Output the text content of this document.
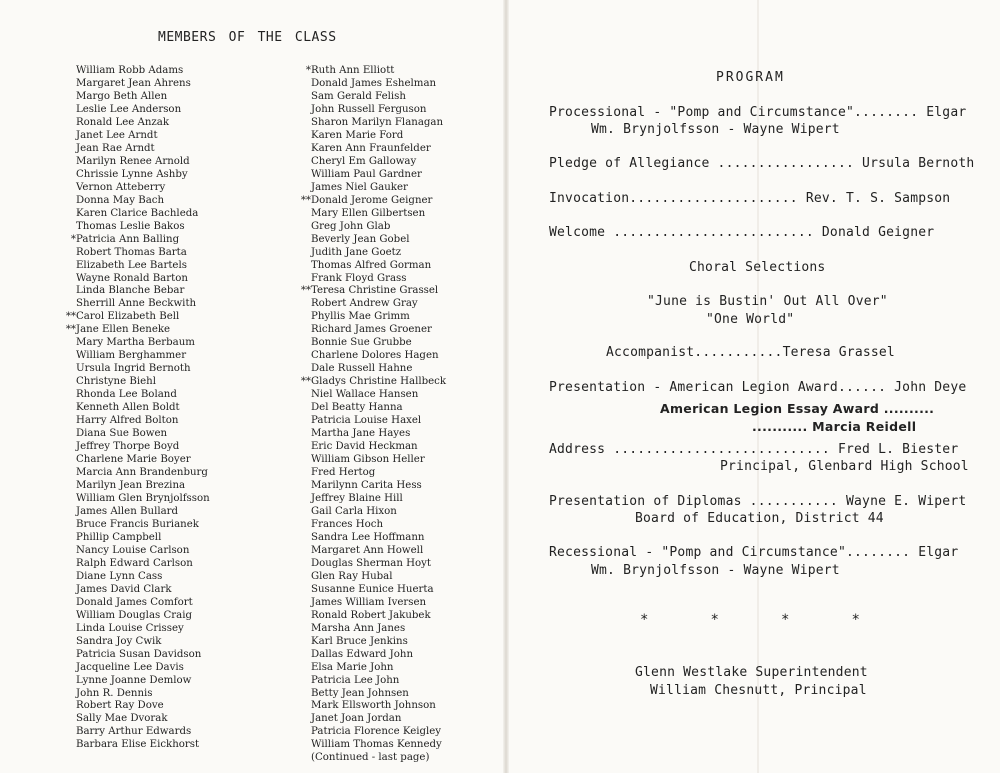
MEMBERS OF THE CLASS
William Robb Adams
Margaret Jean Ahrens
Margo Beth Allen
Leslie Lee Anderson
Ronald Lee Anzak
Janet Lee Arndt
Jean Rae Arndt
Marilyn Renee Arnold
Chrissie Lynne Ashby
Vernon Atteberry
Donna May Bach
Karen Clarice Bachleda
Thomas Leslie Bakos
* Patricia Ann Balling
Robert Thomas Barta
Elizabeth Lee Bartels
Wayne Ronald Barton
Linda Blanche Bebar
Sherrill Anne Beckwith
** Carol Elizabeth Bell
** Jane Ellen Beneke
Mary Martha Berbaum
William Berghammer
Ursula Ingrid Bernoth
Christyne Biehl
Rhonda Lee Boland
Kenneth Allen Boldt
Harry Alfred Bolton
Diana Sue Bowen
Jeffrey Thorpe Boyd
Charlene Marie Boyer
Marcia Ann Brandenburg
Marilyn Jean Brezina
William Glen Brynjolfsson
James Allen Bullard
Bruce Francis Burianek
Phillip Campbell
Nancy Louise Carlson
Ralph Edward Carlson
Diane Lynn Cass
James David Clark
Donald James Comfort
William Douglas Craig
Linda Louise Crissey
Sandra Joy Cwik
Patricia Susan Davidson
Jacqueline Lee Davis
Lynne Joanne Demlow
John R. Dennis
Robert Ray Dove
Sally Mae Dvorak
Barry Arthur Edwards
Barbara Elise Eickhorst
* Ruth Ann Elliott
Donald James Eshelman
Sam Gerald Felish
John Russell Ferguson
Sharon Marilyn Flanagan
Karen Marie Ford
Karen Ann Fraunfelder
Cheryl Em Galloway
William Paul Gardner
James Niel Gauker
** Donald Jerome Geigner
Mary Ellen Gilbertsen
Greg John Glab
Beverly Jean Gobel
Judith Jane Goetz
Thomas Alfred Gorman
Frank Floyd Grass
** Teresa Christine Grassel
Robert Andrew Gray
Phyllis Mae Grimm
Richard James Groener
Bonnie Sue Grubbe
Charlene Dolores Hagen
Dale Russell Hahne
** Gladys Christine Hallbeck
Niel Wallace Hansen
Del Beatty Hanna
Patricia Louise Haxel
Martha Jane Hayes
Eric David Heckman
William Gibson Heller
Fred Hertog
Marilynn Carita Hess
Jeffrey Blaine Hill
Gail Carla Hixon
Frances Hoch
Sandra Lee Hoffmann
Margaret Ann Howell
Douglas Sherman Hoyt
Glen Ray Hubal
Susanne Eunice Huerta
James William Iversen
Ronald Robert Jakubek
Marsha Ann Janes
Karl Bruce Jenkins
Dallas Edward John
Elsa Marie John
Patricia Lee John
Betty Jean Johnsen
Mark Ellsworth Johnson
Janet Joan Jordan
Patricia Florence Keigley
William Thomas Kennedy
(Continued - last page)
PROGRAM
Processional - "Pomp and Circumstance"........ Elgar
Wm. Brynjolfsson - Wayne Wipert
Pledge of Allegiance ................. Ursula Bernoth
Invocation..................... Rev. T. S. Sampson
Welcome ......................... Donald Geigner
Choral Selections
"June is Bustin' Out All Over"
"One World"
Accompanist...........Teresa Grassel
Presentation - American Legion Award...... John Deye
American Legion Essay Award ..........
........... Marcia Reidell
Address ........................... Fred L. Biester
Principal, Glenbard High School
Presentation of Diplomas ........... Wayne E. Wipert
Board of Education, District 44
Recessional - "Pomp and Circumstance"........ Elgar
Wm. Brynjolfsson - Wayne Wipert
*	*	*	*
Glenn Westlake Superintendent
William Chesnutt, Principal
